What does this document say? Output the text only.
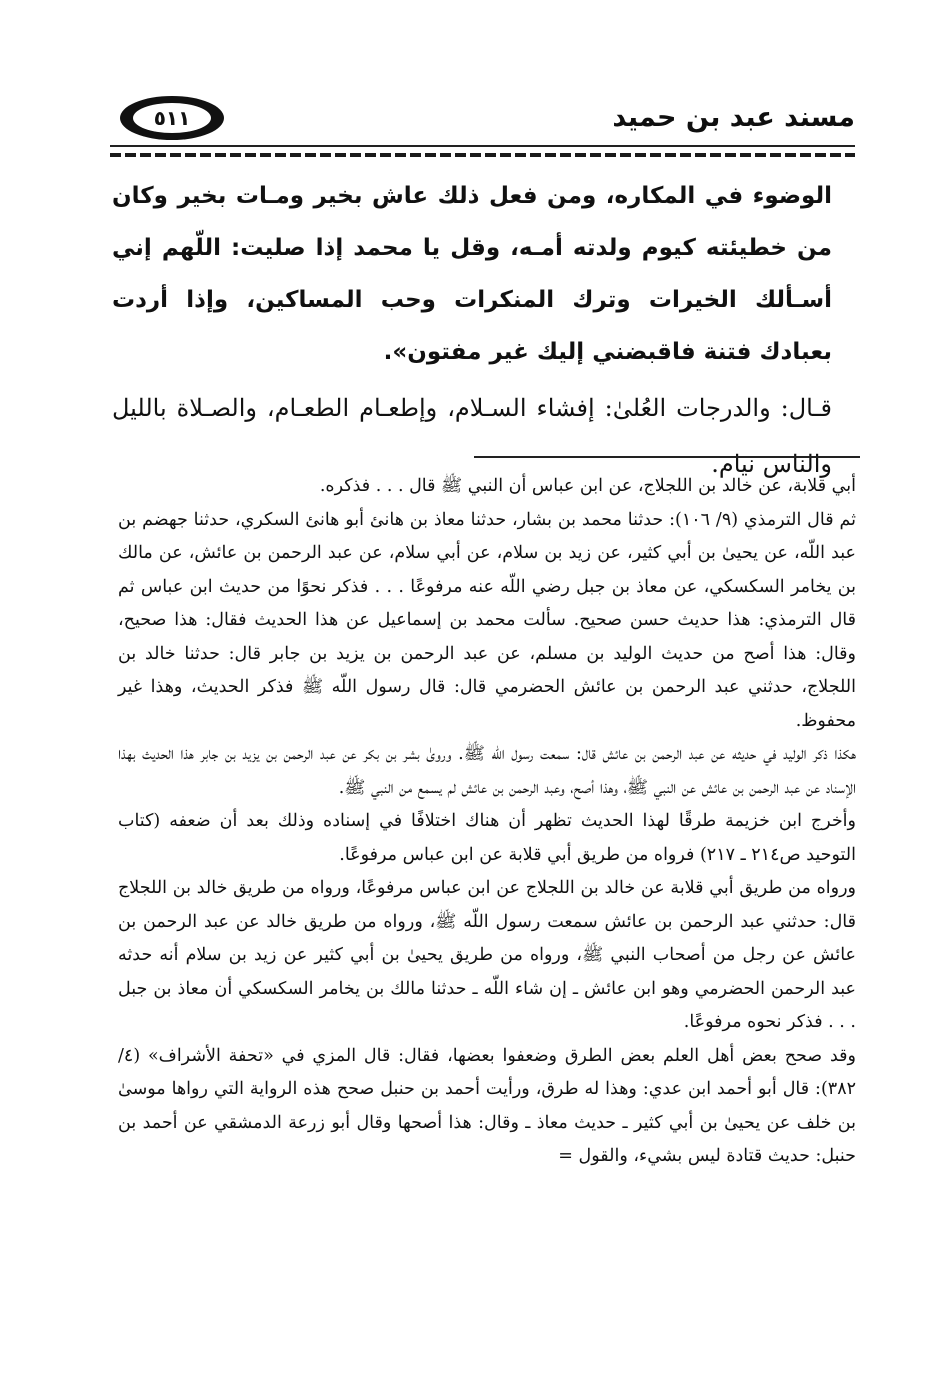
مسند عبد بن حميد
٥١١

الوضوء في المكاره، ومن فعل ذلك عاش بخير ومـات بخير وكان من خطيئته كيوم ولدته أمـه، وقل يا محمد إذا صليت: اللّهم إني أسـألك الخيرات وترك المنكرات وحب المساكين، وإذا أردت بعبادك فتنة فاقبضني إليك غير مفتون».

قـال: والدرجات العُلىٰ: إفشاء السـلام، وإطعـام الطعـام، والصـلاة بالليل والناس نيام.

أبي قلابة، عن خالد بن اللجلاج، عن ابن عباس أن النبي ﷺ قال . . . فذكره.

ثم قال الترمذي (٩/ ١٠٦): حدثنا محمد بن بشار، حدثنا معاذ بن هانئ أبو هانئ السكري، حدثنا جهضم بن عبد اللّه، عن يحيىٰ بن أبي كثير، عن زيد بن سلام، عن أبي سلام، عن عبد الرحمن بن عائش، عن مالك بن يخامر السكسكي، عن معاذ بن جبل رضي اللّه عنه مرفوعًا . . . فذكر نحوًا من حديث ابن عباس ثم قال الترمذي: هذا حديث حسن صحيح. سألت محمد بن إسماعيل عن هذا الحديث فقال: هذا صحيح، وقال: هذا أصح من حديث الوليد بن مسلم، عن عبد الرحمن بن يزيد بن جابر قال: حدثنا خالد بن اللجلاج، حدثني عبد الرحمن بن عائش الحضرمي قال: قال رسول اللّه ﷺ فذكر الحديث، وهذا غير محفوظ.

هكذا ذكر الوليد في حديثه عن عبد الرحمن بن عائش قال: سمعت رسول اللّه ﷺ. وروىٰ بشر بن بكر عن عبد الرحمن بن يزيد بن جابر هذا الحديث بهذا الإسناد عن عبد الرحمن بن عائش عن النبي ﷺ، وهذا أصح، وعبد الرحمن بن عائش لم يسمع من النبي ﷺ.

وأخرج ابن خزيمة طرقًا لهذا الحديث تظهر أن هناك اختلافًا في إسناده وذلك بعد أن ضعفه (كتاب التوحيد ص٢١٤ ـ ٢١٧) فرواه من طريق أبي قلابة عن ابن عباس مرفوعًا.

ورواه من طريق أبي قلابة عن خالد بن اللجلاج عن ابن عباس مرفوعًا، ورواه من طريق خالد بن اللجلاج قال: حدثني عبد الرحمن بن عائش سمعت رسول اللّه ﷺ، ورواه من طريق خالد عن عبد الرحمن بن عائش عن رجل من أصحاب النبي ﷺ، ورواه من طريق يحيىٰ بن أبي كثير عن زيد بن سلام أنه حدثه عبد الرحمن الحضرمي وهو ابن عائش ـ إن شاء اللّه ـ حدثنا مالك بن يخامر السكسكي أن معاذ بن جبل . . . فذكر نحوه مرفوعًا.

وقد صحح بعض أهل العلم بعض الطرق وضعفوا بعضها، فقال: قال المزي في «تحفة الأشراف» (٤/ ٣٨٢): قال أبو أحمد ابن عدي: وهذا له طرق، ورأيت أحمد بن حنبل صحح هذه الرواية التي رواها موسىٰ بن خلف عن يحيىٰ بن أبي كثير ـ حديث معاذ ـ وقال: هذا أصحها وقال أبو زرعة الدمشقي عن أحمد بن حنبل: حديث قتادة ليس بشيء، والقول =
